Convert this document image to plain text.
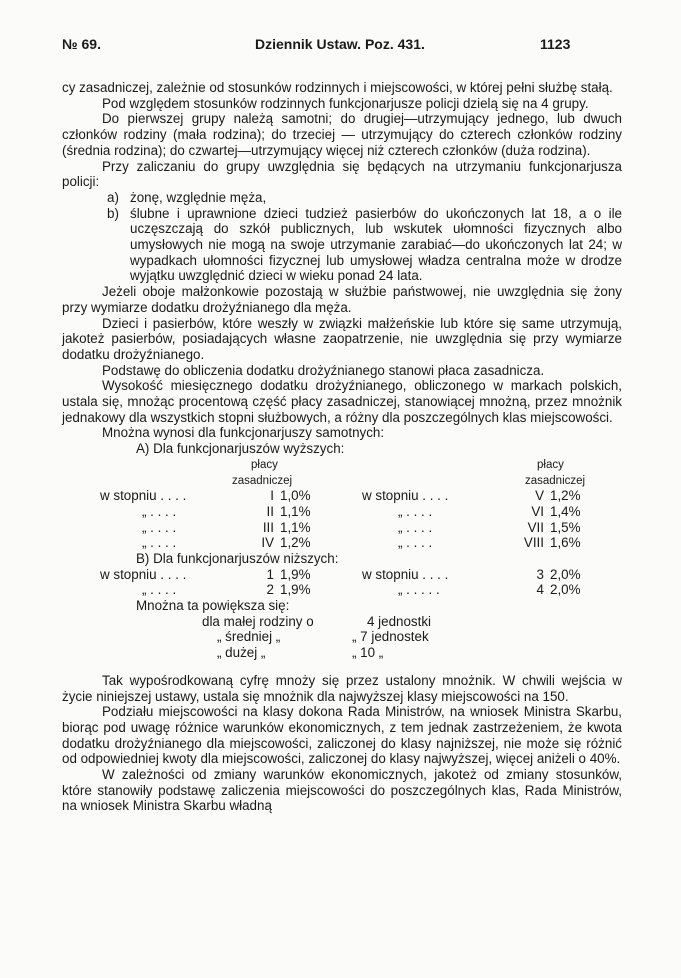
№ 69.	Dziennik Ustaw. Poz. 431.	1123

cy zasadniczej, zależnie od stosunków rodzinnych i miejscowości, w której pełni służbę stałą.

Pod względem stosunków rodzinnych funkcjonarjusze policji dzielą się na 4 grupy.

Do pierwszej grupy należą samotni; do drugiej—utrzymujący jednego, lub dwuch członków rodziny (mała rodzina); do trzeciej — utrzymujący do czterech członków rodziny (średnia rodzina); do czwartej—utrzymujący więcej niż czterech członków (duża rodzina).

Przy zaliczaniu do grupy uwzględnia się będących na utrzymaniu funkcjonarjusza policji:

a) żonę, względnie męża,
b) ślubne i uprawnione dzieci tudzież pasierbów do ukończonych lat 18, a o ile uczęszczają do szkół publicznych, lub wskutek ułomności fizycznych albo umysłowych nie mogą na swoje utrzymanie zarabiać—do ukończonych lat 24; w wypadkach ułomności fizycznej lub umysłowej władza centralna może w drodze wyjątku uwzględnić dzieci w wieku ponad 24 lata.

Jeżeli oboje małżonkowie pozostają w służbie państwowej, nie uwzględnia się żony przy wymiarze dodatku drożyźnianego dla męża.

Dzieci i pasierbów, które weszły w związki małżeńskie lub które się same utrzymują, jakoteż pasierbów, posiadających własne zaopatrzenie, nie uwzględnia się przy wymiarze dodatku drożyźnianego.

Podstawę do obliczenia dodatku drożyźnianego stanowi płaca zasadnicza.

Wysokość miesięcznego dodatku drożyźnianego, obliczonego w markach polskich, ustala się, mnożąc procentową część płacy zasadniczej, stanowiącej mnożną, przez mnożnik jednakowy dla wszystkich stopni służbowych, a różny dla poszczególnych klas miejscowości.

Mnożna wynosi dla funkcjonarjuszy samotnych:

A) Dla funkcjonarjuszów wyższych:

płacy	płacy
zasadniczej	zasadniczej
w stopniu . . . .	I 1,0%	w stopniu . . . .	V 1,2%
„ . . . .	II 1,1%	„ . . . .	VI 1,4%
„ . . . .	III 1,1%	„ . . . .	VII 1,5%
„ . . . .	IV 1,2%	„ . . . .	VIII 1,6%

B) Dla funkcjonarjuszów niższych:

w stopniu . . . .	1 1,9%	w stopniu . . . .	3 2,0%
„ . . . .	2 1,9%	„ . . . . .	4 2,0%

Mnożna ta powiększa się:

dla małej rodziny o	4 jednostki
„ średniej „	„ 7 jednostek
„ dużej „	„ 10 „

Tak wypośrodkowaną cyfrę mnoży się przez ustalony mnożnik. W chwili wejścia w życie niniejszej ustawy, ustala się mnożnik dla najwyższej klasy miejscowości na 150.

Podziału miejscowości na klasy dokona Rada Ministrów, na wniosek Ministra Skarbu, biorąc pod uwagę różnice warunków ekonomicznych, z tem jednak zastrzeżeniem, że kwota dodatku drożyźnianego dla miejscowości, zaliczonej do klasy najniższej, nie może się różnić od odpowiedniej kwoty dla miejscowości, zaliczonej do klasy najwyższej, więcej aniżeli o 40%.

W zależności od zmiany warunków ekonomicznych, jakoteż od zmiany stosunków, które stanowiły podstawę zaliczenia miejscowości do poszczególnych klas, Rada Ministrów, na wniosek Ministra Skarbu władną
